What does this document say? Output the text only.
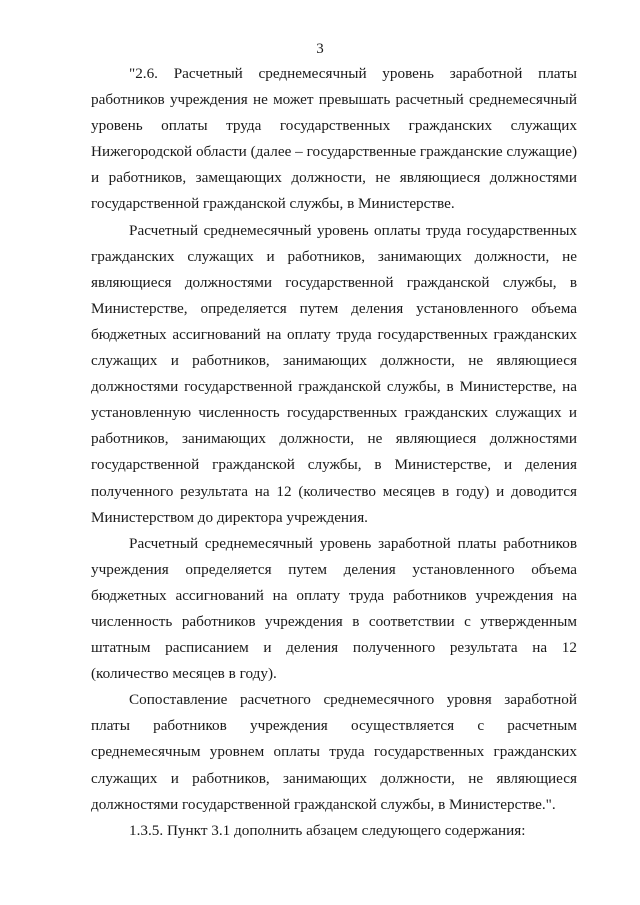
3

"2.6. Расчетный среднемесячный уровень заработной платы работников учреждения не может превышать расчетный среднемесячный уровень оплаты труда государственных гражданских служащих Нижегородской области (далее – государственные гражданские служащие) и работников, замещающих должности, не являющиеся должностями государственной гражданской службы, в Министерстве.

Расчетный среднемесячный уровень оплаты труда государственных гражданских служащих и работников, занимающих должности, не являющиеся должностями государственной гражданской службы, в Министерстве, определяется путем деления установленного объема бюджетных ассигнований на оплату труда государственных гражданских служащих и работников, занимающих должности, не являющиеся должностями государственной гражданской службы, в Министерстве, на установленную численность государственных гражданских служащих и работников, занимающих должности, не являющиеся должностями государственной гражданской службы, в Министерстве, и деления полученного результата на 12 (количество месяцев в году) и доводится Министерством до директора учреждения.

Расчетный среднемесячный уровень заработной платы работников учреждения определяется путем деления установленного объема бюджетных ассигнований на оплату труда работников учреждения на численность работников учреждения в соответствии с утвержденным штатным расписанием и деления полученного результата на 12 (количество месяцев в году).

Сопоставление расчетного среднемесячного уровня заработной платы работников учреждения осуществляется с расчетным среднемесячным уровнем оплаты труда государственных гражданских служащих и работников, занимающих должности, не являющиеся должностями государственной гражданской службы, в Министерстве.".

1.3.5. Пункт 3.1 дополнить абзацем следующего содержания:
